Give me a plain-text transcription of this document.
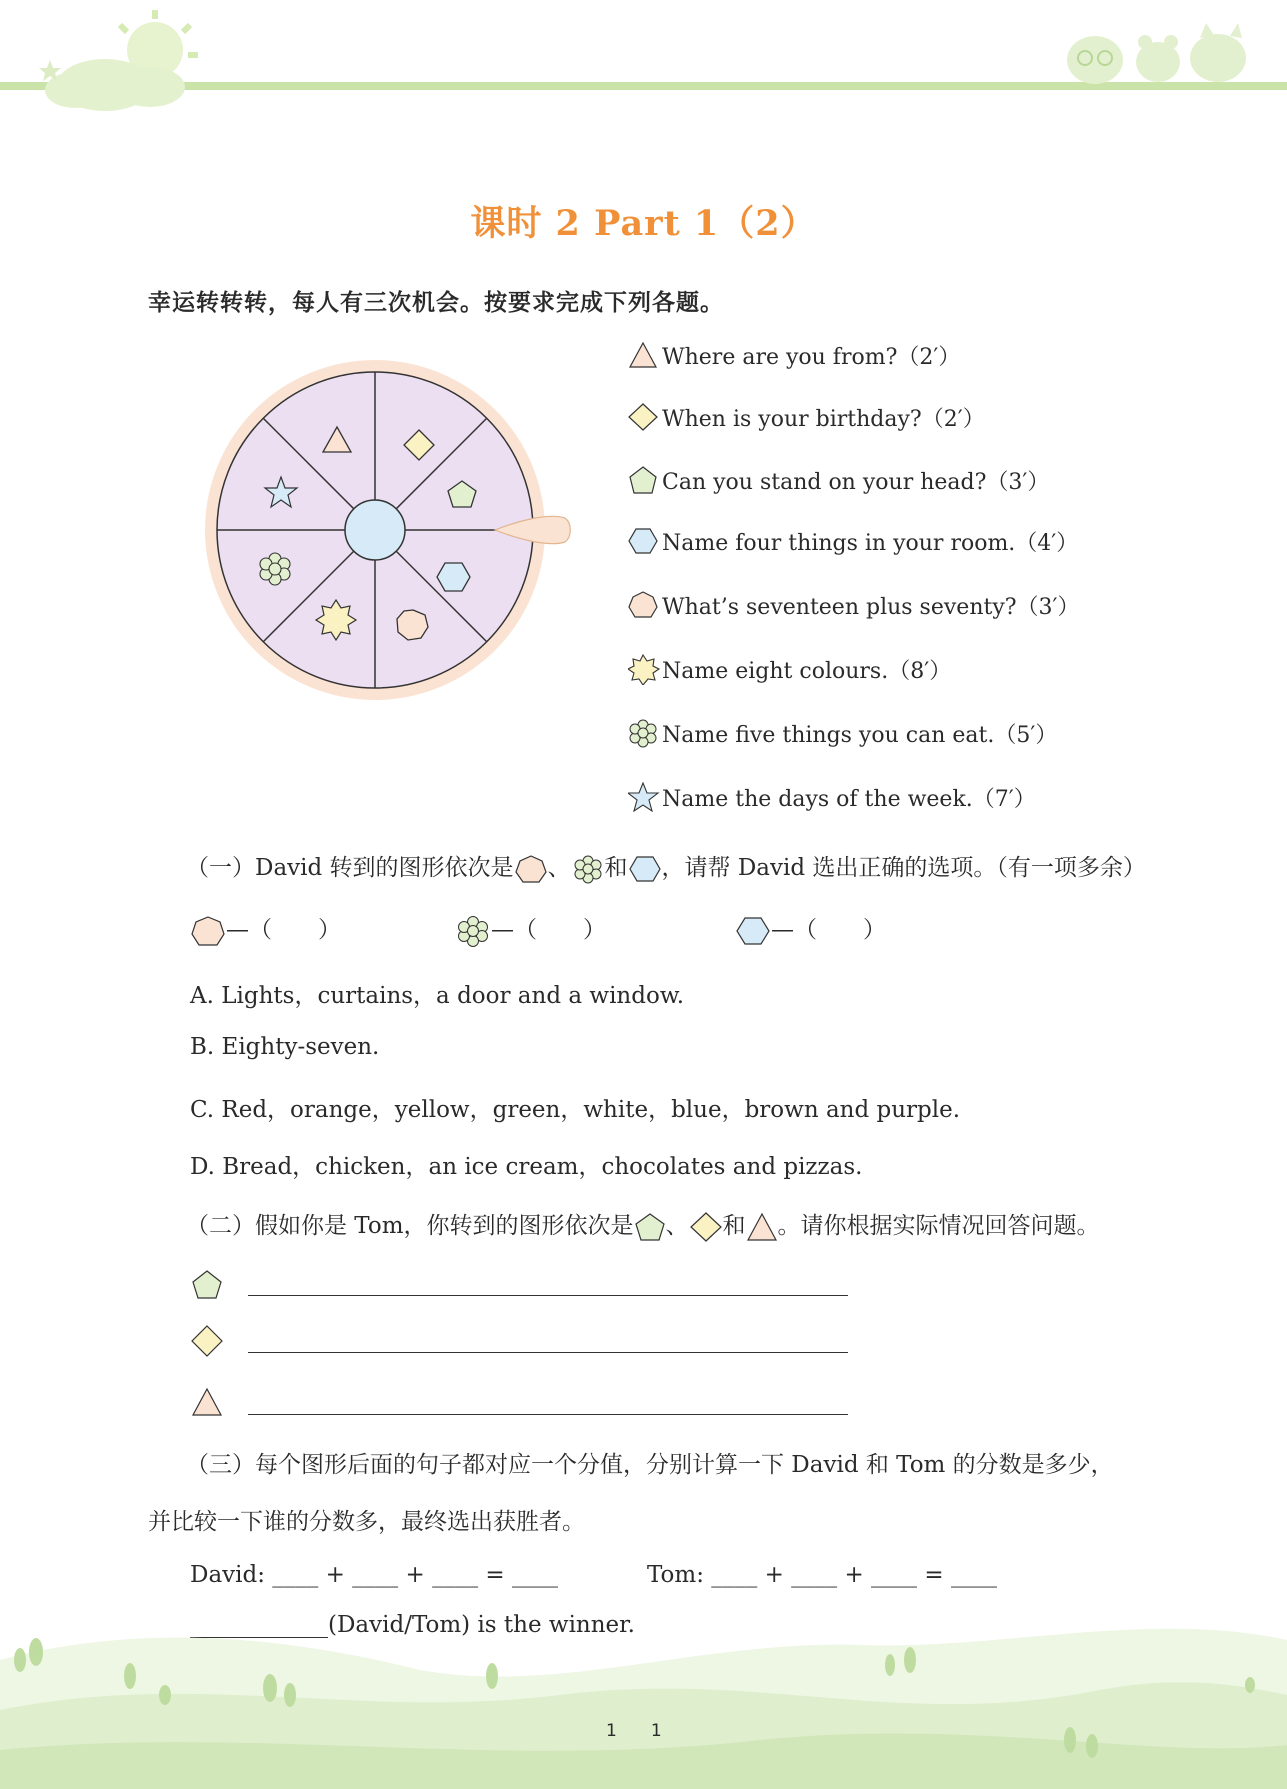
课时 2 Part 1（2）
幸运转转转，每人有三次机会。按要求完成下列各题。
Where are you from?（2′）
When is your birthday?（2′）
Can you stand on your head?（3′）
Name four things in your room.（4′）
What’s seventeen plus seventy?（3′）
Name eight colours.（8′）
Name five things you can eat.（5′）
Name the days of the week.（7′）
（一）David 转到的图形依次是 、 和 ，请帮 David 选出正确的选项。（有一项多余）
—（　　）	—（　　）	—（　　）
A. Lights，curtains，a door and a window.
B. Eighty-seven.
C. Red，orange，yellow，green，white，blue，brown and purple.
D. Bread，chicken，an ice cream，chocolates and pizzas.
（二）假如你是 Tom，你转到的图形依次是 、 和 。请你根据实际情况回答问题。
（三）每个图形后面的句子都对应一个分值，分别计算一下 David 和 Tom 的分数是多少，
并比较一下谁的分数多，最终选出获胜者。
David: ____ + ____ + ____ = ____	Tom: ____ + ____ + ____ = ____
(David/Tom) is the winner.
1　　1
